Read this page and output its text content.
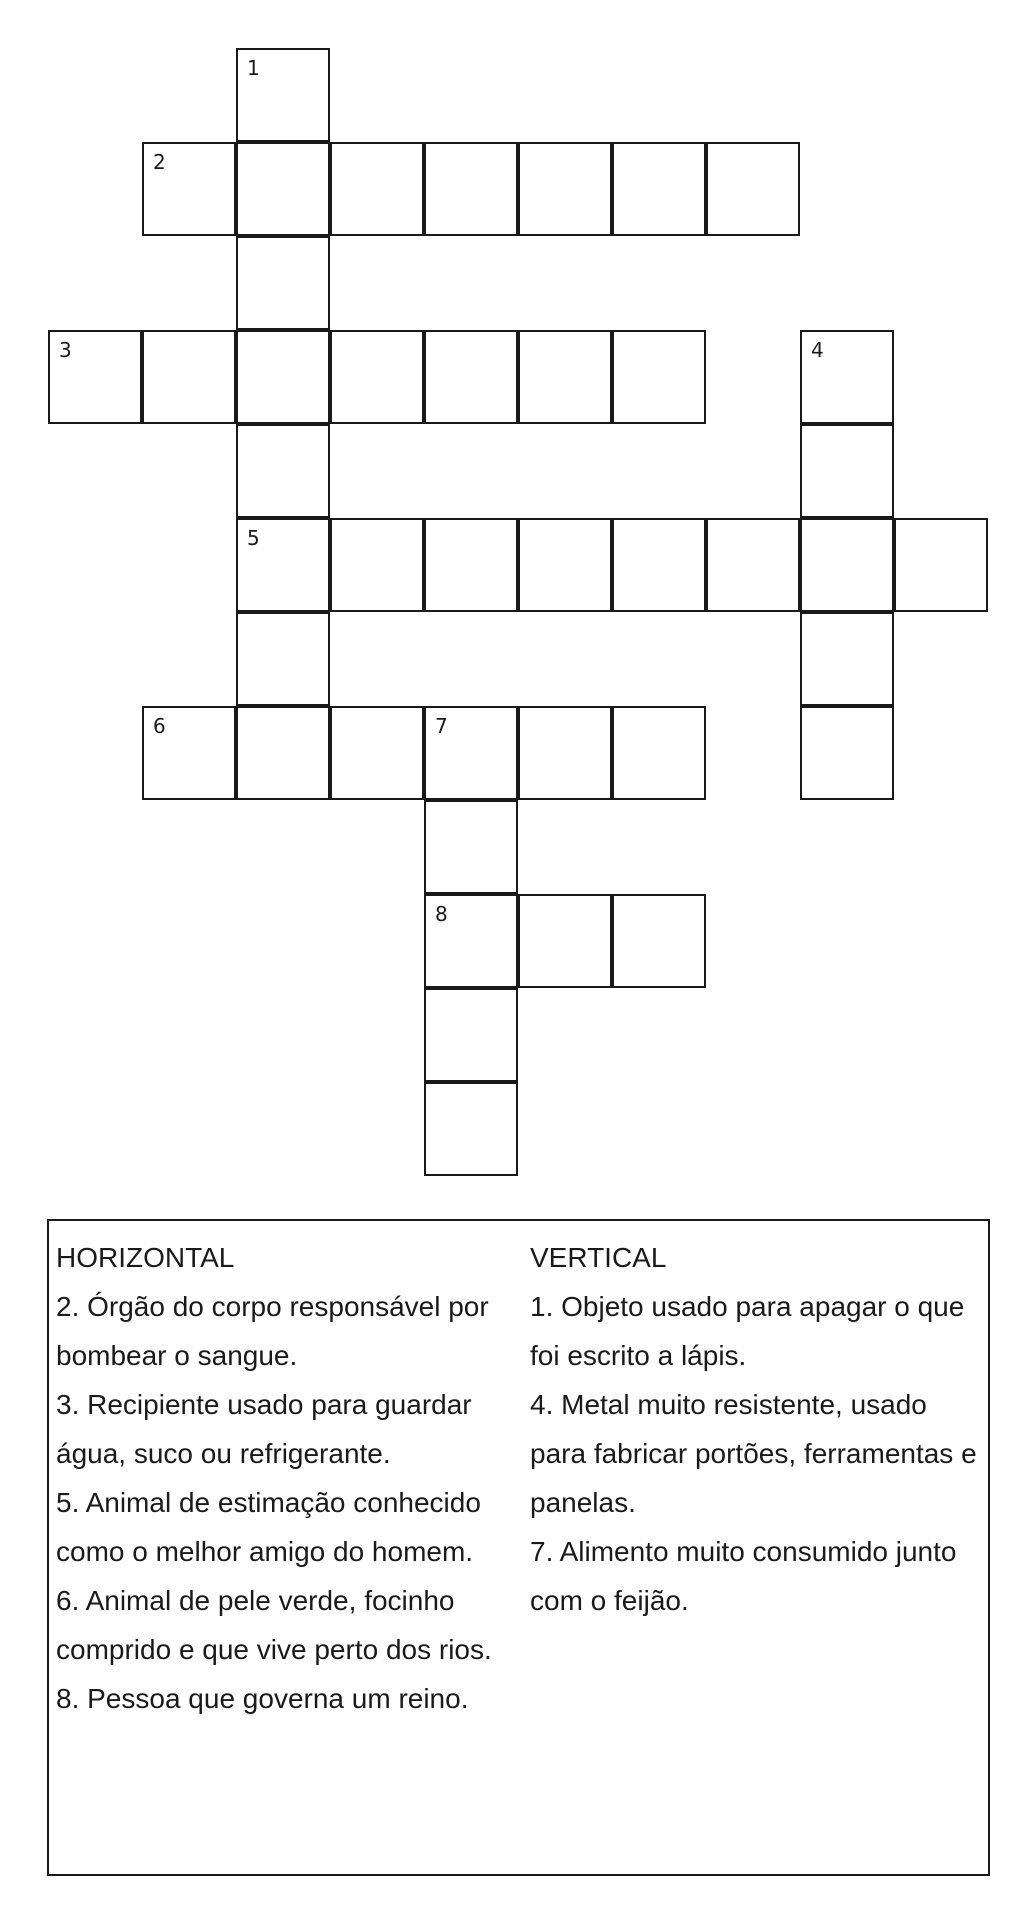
1
2
3	4
5
6	7
8

HORIZONTAL

2. Órgão do corpo responsável por bombear o sangue.

3. Recipiente usado para guardar água, suco ou refrigerante.

5. Animal de estimação conhecido como o melhor amigo do homem.

6. Animal de pele verde, focinho comprido e que vive perto dos rios.

8. Pessoa que governa um reino.

VERTICAL

1. Objeto usado para apagar o que foi escrito a lápis.

4. Metal muito resistente, usado para fabricar portões, ferramentas e panelas.

7. Alimento muito consumido junto com o feijão.
